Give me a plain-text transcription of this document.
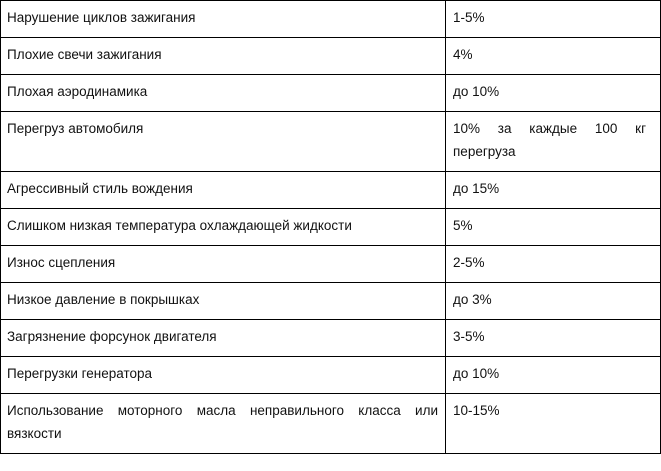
Нарушение циклов зажигания	1-5%
Плохие свечи зажигания	4%
Плохая аэродинамика	до 10%
Перегруз автомобиля	10% за каждые 100 кг перегруза
Агрессивный стиль вождения	до 15%
Слишком низкая температура охлаждающей жидкости	5%
Износ сцепления	2-5%
Низкое давление в покрышках	до 3%
Загрязнение форсунок двигателя	3-5%
Перегрузки генератора	до 10%
Использование моторного масла неправильного класса или вязкости	10-15%
